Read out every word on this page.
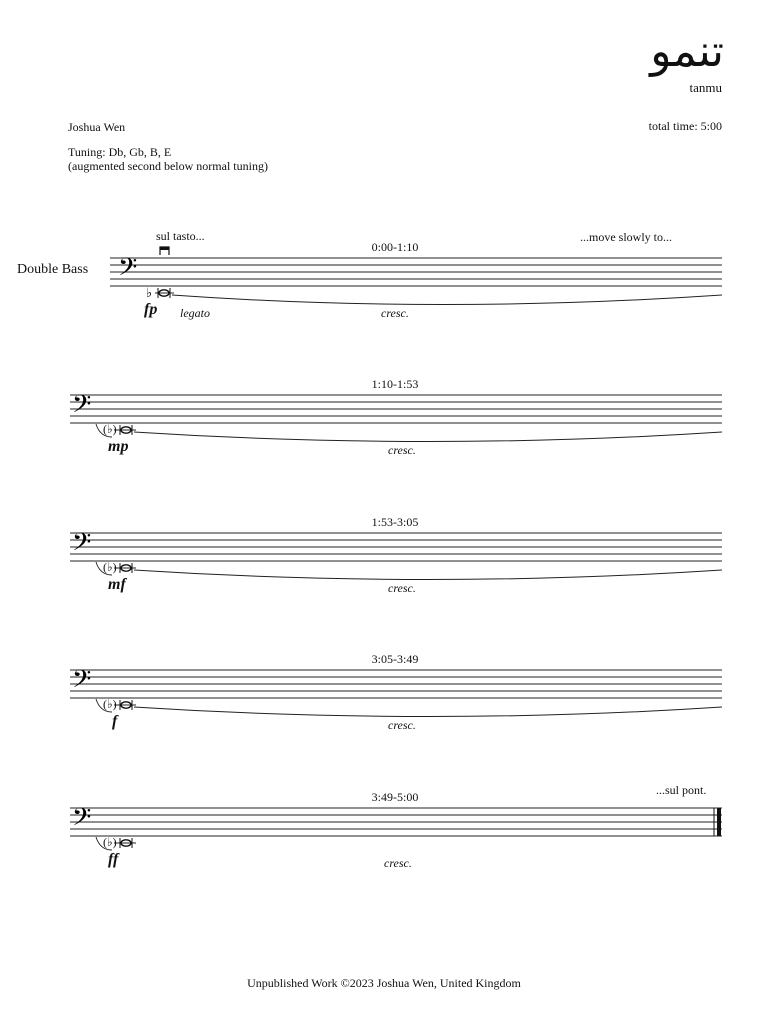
تنمو
tanmu
Joshua Wen	total time: 5:00
Tuning: Db, Gb, B, E
(augmented second below normal tuning)
Double Bass
sul tasto...	...move slowly to...
0:00-1:10
𝄢
♭
fp legato	cresc.
1:10-1:53
𝄢
(♭)
mp	cresc.
1:53-3:05
𝄢
(♭)
mf	cresc.
3:05-3:49
𝄢
(♭)
f	cresc.
...sul pont.
3:49-5:00
𝄢
(♭)
ff	cresc.
Unpublished Work ©2023 Joshua Wen, United Kingdom
